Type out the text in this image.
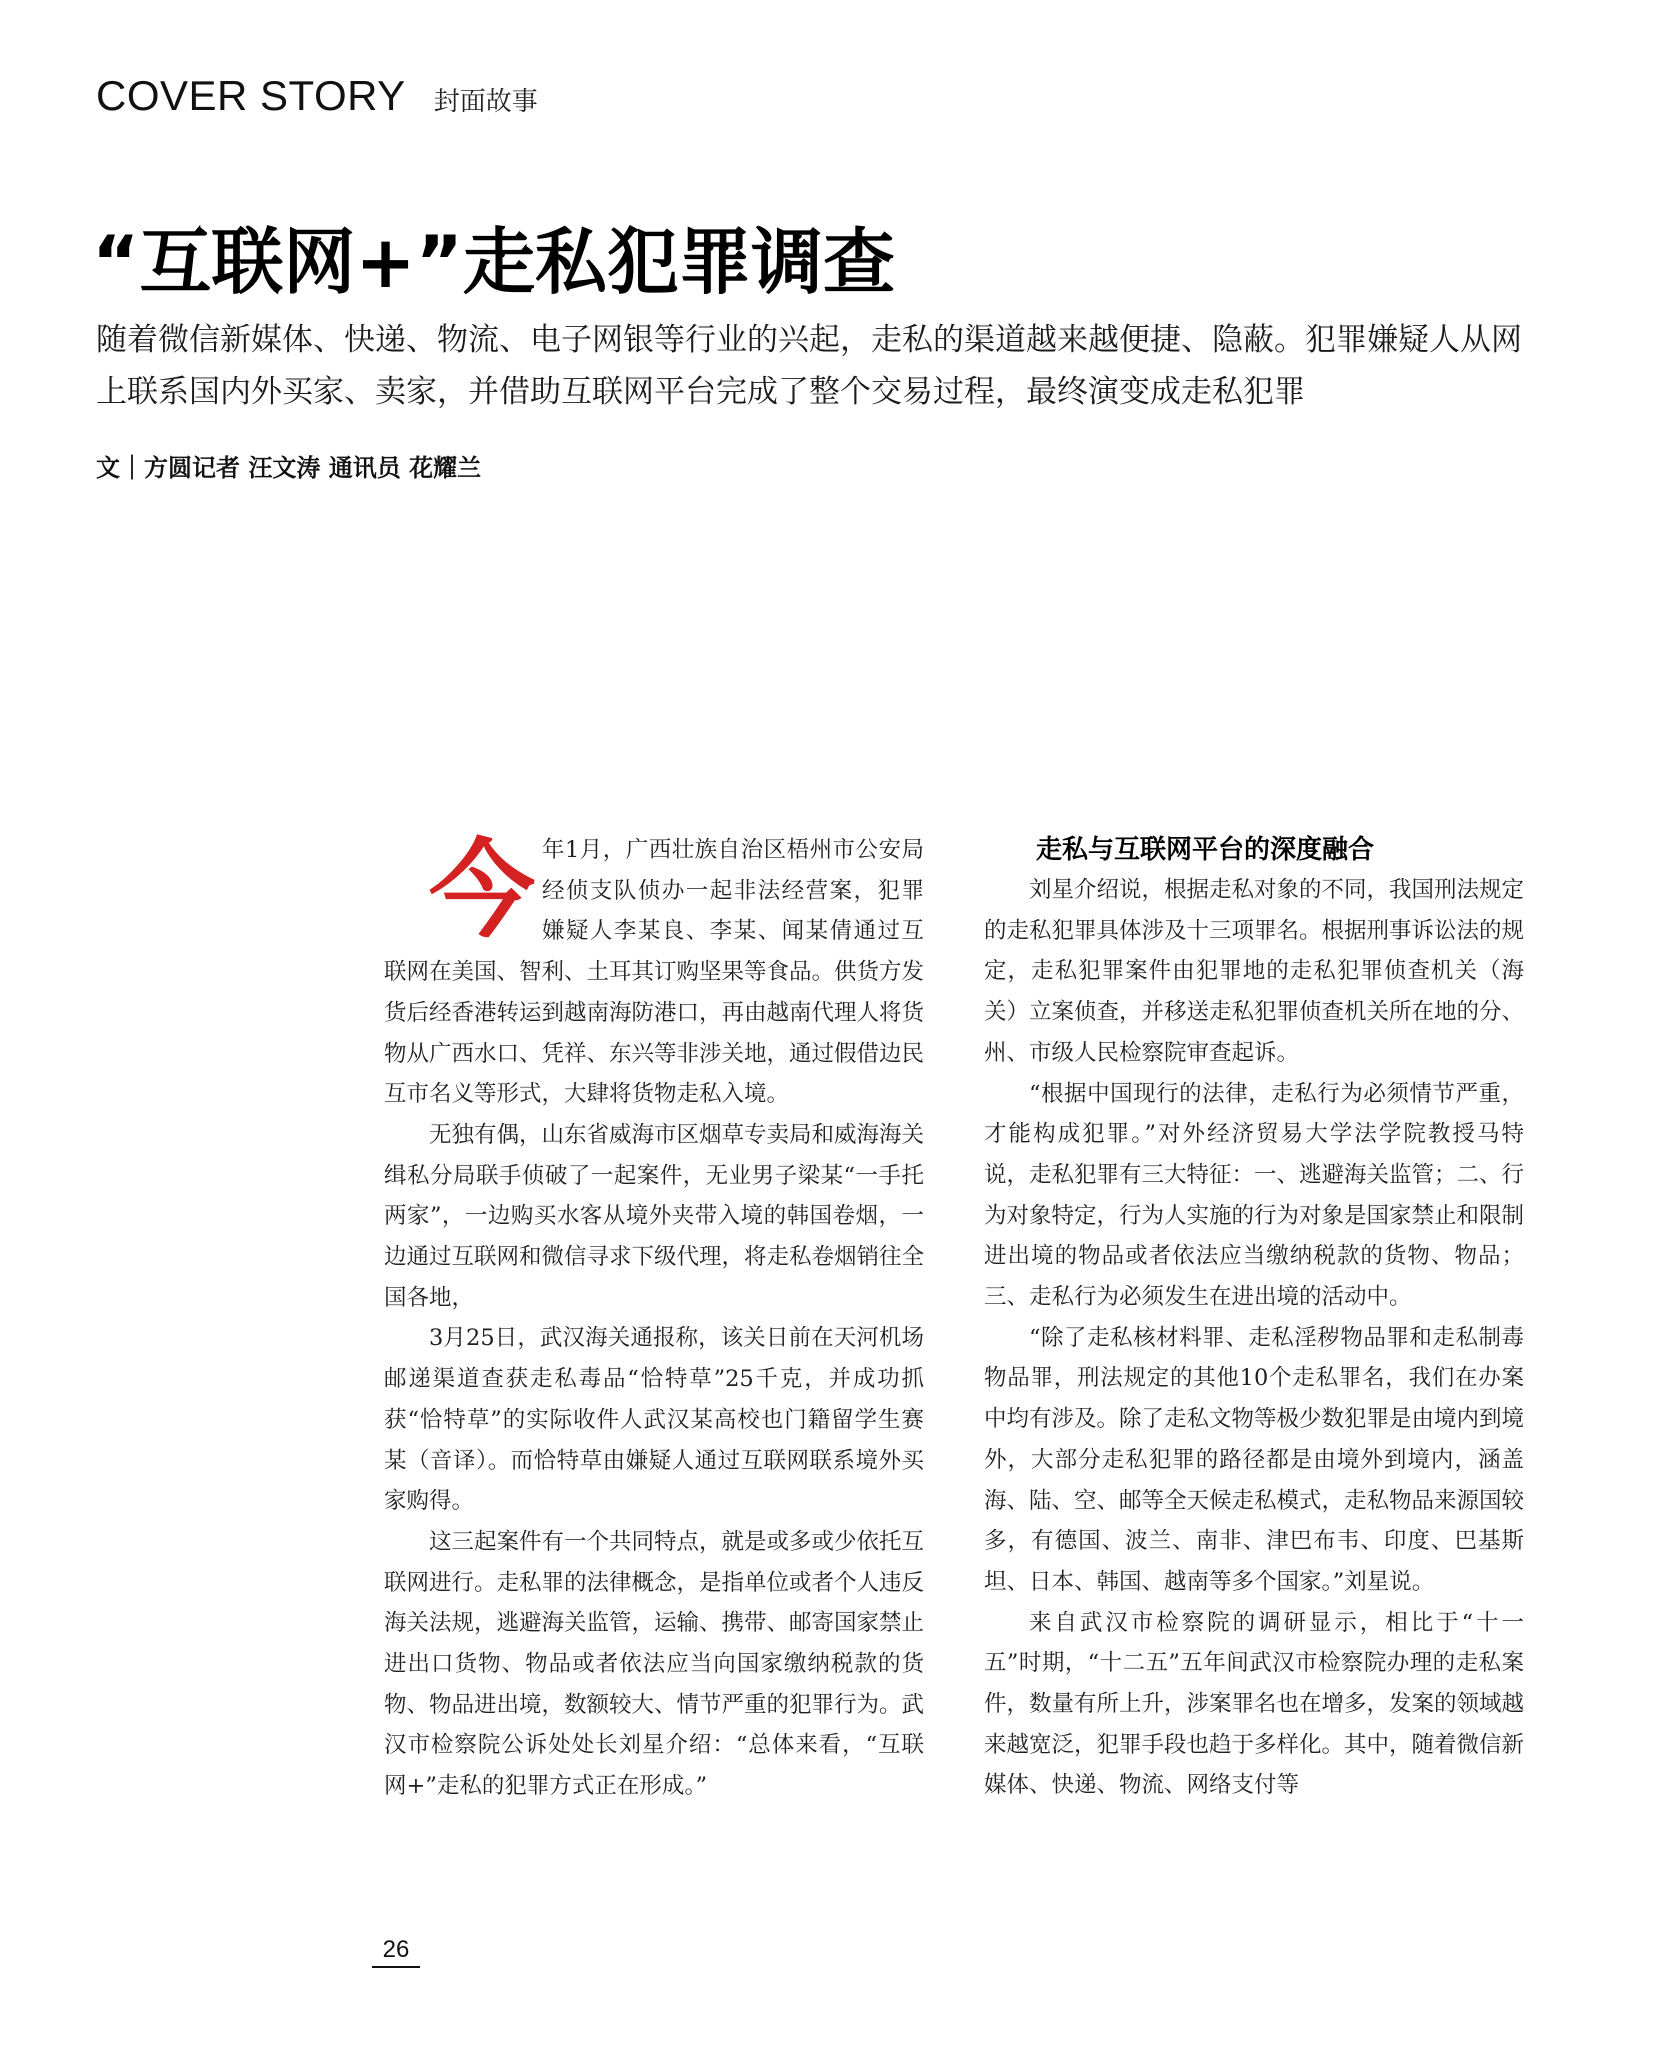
COVER STORY 封面故事
“互联网+”走私犯罪调查
随着微信新媒体、快递、物流、电子网银等行业的兴起，走私的渠道越来越便捷、隐蔽。犯罪嫌疑人从网上联系国内外买家、卖家，并借助互联网平台完成了整个交易过程，最终演变成走私犯罪
文｜方圆记者 汪文涛 通讯员 花耀兰

今 年1月，广西壮族自治区梧州市公安局经侦支队侦办一起非法经营案，犯罪嫌疑人李某良、李某、闻某倩通过互联网在美国、智利、土耳其订购坚果等食品。供货方发货后经香港转运到越南海防港口，再由越南代理人将货物从广西水口、凭祥、东兴等非涉关地，通过假借边民互市名义等形式，大肆将货物走私入境。

无独有偶，山东省威海市区烟草专卖局和威海海关缉私分局联手侦破了一起案件，无业男子梁某“一手托两家”，一边购买水客从境外夹带入境的韩国卷烟，一边通过互联网和微信寻求下级代理，将走私卷烟销往全国各地，

3月25日，武汉海关通报称，该关日前在天河机场邮递渠道查获走私毒品“恰特草”25千克，并成功抓获“恰特草”的实际收件人武汉某高校也门籍留学生赛某（音译）。而恰特草由嫌疑人通过互联网联系境外买家购得。

这三起案件有一个共同特点，就是或多或少依托互联网进行。走私罪的法律概念，是指单位或者个人违反海关法规，逃避海关监管，运输、携带、邮寄国家禁止进出口货物、物品或者依法应当向国家缴纳税款的货物、物品进出境，数额较大、情节严重的犯罪行为。武汉市检察院公诉处处长刘星介绍：“总体来看，“互联网+”走私的犯罪方式正在形成。”

走私与互联网平台的深度融合

刘星介绍说，根据走私对象的不同，我国刑法规定的走私犯罪具体涉及十三项罪名。根据刑事诉讼法的规定，走私犯罪案件由犯罪地的走私犯罪侦查机关（海关）立案侦查，并移送走私犯罪侦查机关所在地的分、州、市级人民检察院审查起诉。

“根据中国现行的法律，走私行为必须情节严重，才能构成犯罪。”对外经济贸易大学法学院教授马特说，走私犯罪有三大特征：一、逃避海关监管；二、行为对象特定，行为人实施的行为对象是国家禁止和限制进出境的物品或者依法应当缴纳税款的货物、物品；三、走私行为必须发生在进出境的活动中。

“除了走私核材料罪、走私淫秽物品罪和走私制毒物品罪，刑法规定的其他10个走私罪名，我们在办案中均有涉及。除了走私文物等极少数犯罪是由境内到境外，大部分走私犯罪的路径都是由境外到境内，涵盖海、陆、空、邮等全天候走私模式，走私物品来源国较多，有德国、波兰、南非、津巴布韦、印度、巴基斯坦、日本、韩国、越南等多个国家。”刘星说。

来自武汉市检察院的调研显示，相比于“十一五”时期，“十二五”五年间武汉市检察院办理的走私案件，数量有所上升，涉案罪名也在增多，发案的领域越来越宽泛，犯罪手段也趋于多样化。其中，随着微信新媒体、快递、物流、网络支付等

26
